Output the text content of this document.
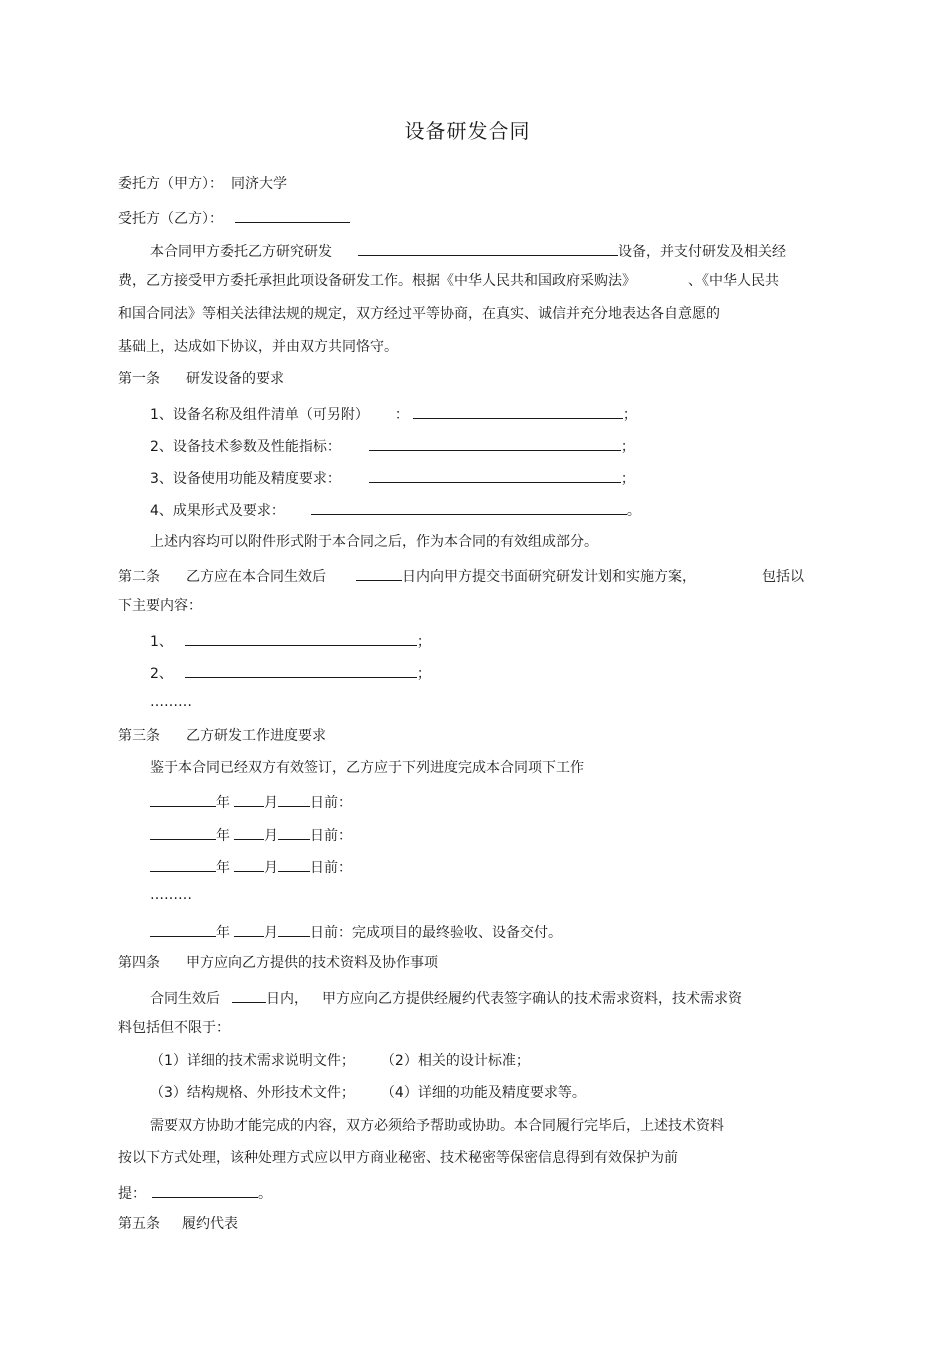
设备研发合同
委托方（甲方）： 同济大学
受托方（乙方）：
本合同甲方委托乙方研究研发	设备，并支付研发及相关经
费，乙方接受甲方委托承担此项设备研发工作。根据《中华人民共和国政府采购法》	、《中华人民共
和国合同法》等相关法律法规的规定，双方经过平等协商，在真实、诚信并充分地表达各自意愿的
基础上，达成如下协议，并由双方共同恪守。
第一条 研发设备的要求
1、设备名称及组件清单（可另附） ：	；
2、设备技术参数及性能指标：	；
3、设备使用功能及精度要求：	；
4、成果形式及要求：	。
上述内容均可以附件形式附于本合同之后，作为本合同的有效组成部分。
第二条 乙方应在本合同生效后	日内向甲方提交书面研究研发计划和实施方案，	包括以
下主要内容：
1、	；
2、	；
………
第三条 乙方研发工作进度要求
鉴于本合同已经双方有效签订，乙方应于下列进度完成本合同项下工作
年 月 日前：
年 月 日前：
年 月 日前：
………
年 月 日前：完成项目的最终验收、设备交付。
第四条 甲方应向乙方提供的技术资料及协作事项
合同生效后	日内， 甲方应向乙方提供经履约代表签字确认的技术需求资料，技术需求资
料包括但不限于：
（1）详细的技术需求说明文件； （2）相关的设计标准；
（3）结构规格、外形技术文件； （4）详细的功能及精度要求等。
需要双方协助才能完成的内容，双方必须给予帮助或协助。本合同履行完毕后，上述技术资料
按以下方式处理，该种处理方式应以甲方商业秘密、技术秘密等保密信息得到有效保护为前
提：	。
第五条 履约代表
